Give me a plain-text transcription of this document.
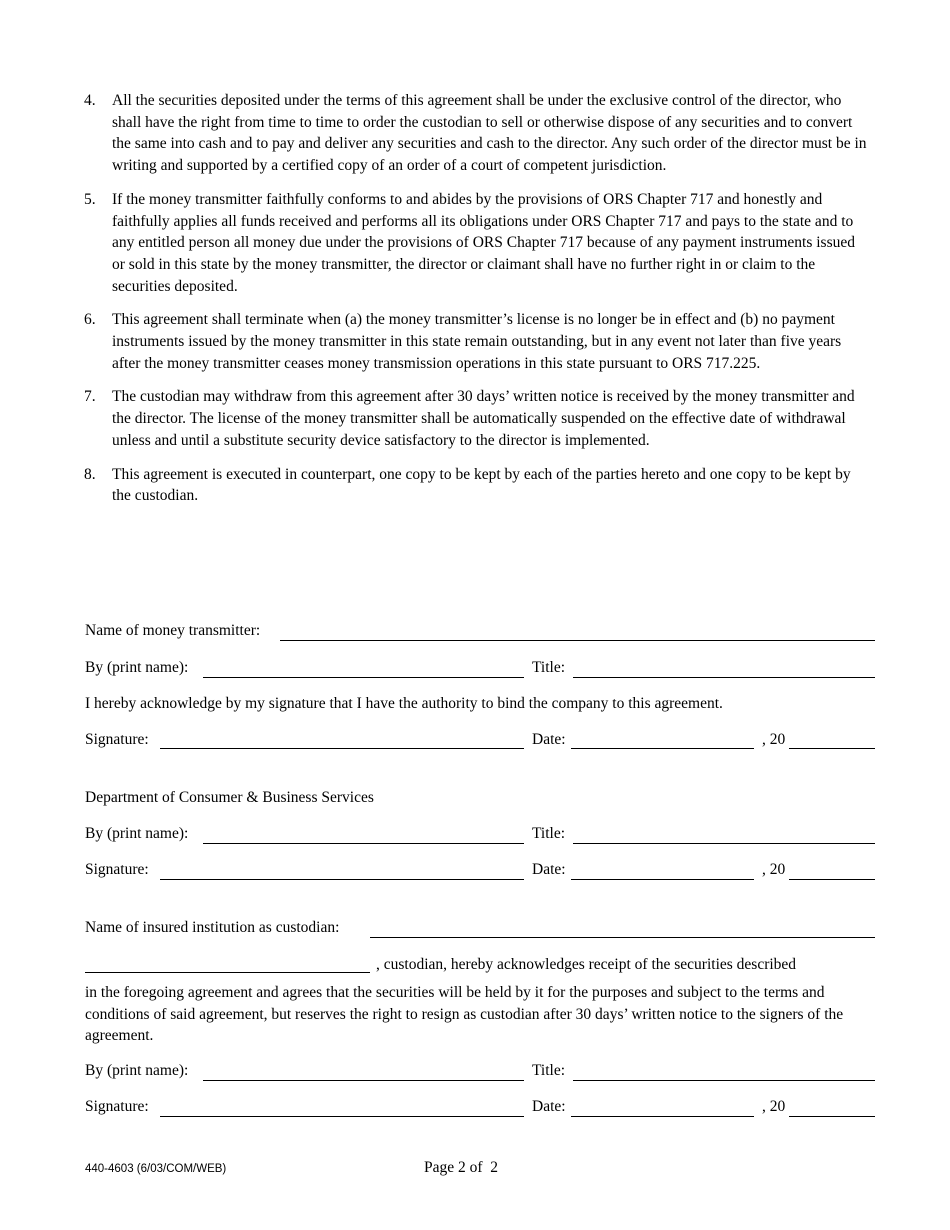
4. All the securities deposited under the terms of this agreement shall be under the exclusive control of the director, who shall have the right from time to time to order the custodian to sell or otherwise dispose of any securities and to convert the same into cash and to pay and deliver any securities and cash to the director. Any such order of the director must be in writing and supported by a certified copy of an order of a court of competent jurisdiction.
5. If the money transmitter faithfully conforms to and abides by the provisions of ORS Chapter 717 and honestly and faithfully applies all funds received and performs all its obligations under ORS Chapter 717 and pays to the state and to any entitled person all money due under the provisions of ORS Chapter 717 because of any payment instruments issued or sold in this state by the money transmitter, the director or claimant shall have no further right in or claim to the securities deposited.
6. This agreement shall terminate when (a) the money transmitter’s license is no longer be in effect and (b) no payment instruments issued by the money transmitter in this state remain outstanding, but in any event not later than five years after the money transmitter ceases money transmission operations in this state pursuant to ORS 717.225.
7. The custodian may withdraw from this agreement after 30 days’ written notice is received by the money transmitter and the director. The license of the money transmitter shall be automatically suspended on the effective date of withdrawal unless and until a substitute security device satisfactory to the director is implemented.
8. This agreement is executed in counterpart, one copy to be kept by each of the parties hereto and one copy to be kept by the custodian.
Name of money transmitter:
By (print name):	Title:
I hereby acknowledge by my signature that I have the authority to bind the company to this agreement.
Signature:	Date:	, 20
Department of Consumer & Business Services
By (print name):	Title:
Signature:	Date:	, 20
Name of insured institution as custodian:
, custodian, hereby acknowledges receipt of the securities described
in the foregoing agreement and agrees that the securities will be held by it for the purposes and subject to the terms and conditions of said agreement, but reserves the right to resign as custodian after 30 days’ written notice to the signers of the agreement.
By (print name):	Title:
Signature:	Date:	, 20
440-4603 (6/03/COM/WEB)	Page 2 of  2
